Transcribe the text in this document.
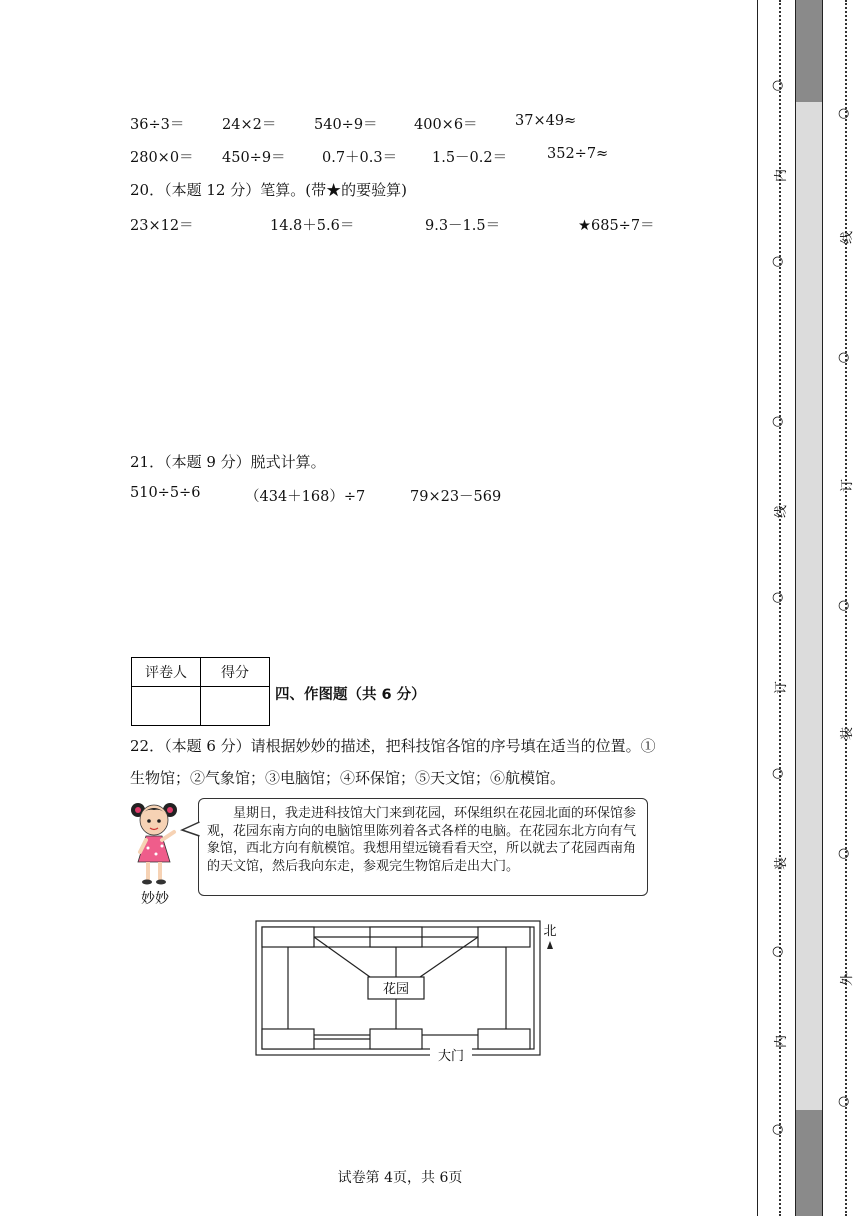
36÷3＝	24×2＝	540÷9＝	400×6＝	37×49≈
280×0＝ 450÷9＝	0.7＋0.3＝ 1.5－0.2＝	352÷7≈
20．（本题 12 分）笔算。(带★的要验算)
23×12＝	14.8＋5.6＝	9.3－1.5＝	★685÷7＝
21．（本题 9 分）脱式计算。
510÷5÷6	（434＋168）÷7	79×23－569
评卷人	得分

四、作图题（共 6 分）
22．（本题 6 分）请根据妙妙的描述，把科技馆各馆的序号填在适当的位置。①
生物馆；②气象馆；③电脑馆；④环保馆；⑤天文馆；⑥航模馆。
妙妙
星期日，我走进科技馆大门来到花园，环保组织在花园北面的环保馆参观，花园东南方向的电脑馆里陈列着各式各样的电脑。在花园东北方向有气象馆，西北方向有航模馆。我想用望远镜看看天空，所以就去了花园西南角的天文馆，然后我向东走，参观完生物馆后走出大门。
花园
大门
北
试卷第 4页，共 6页
○
○
○
○
○
○
○
内
线
订
装
内
○
○
○
○
○
线
订
装
外
